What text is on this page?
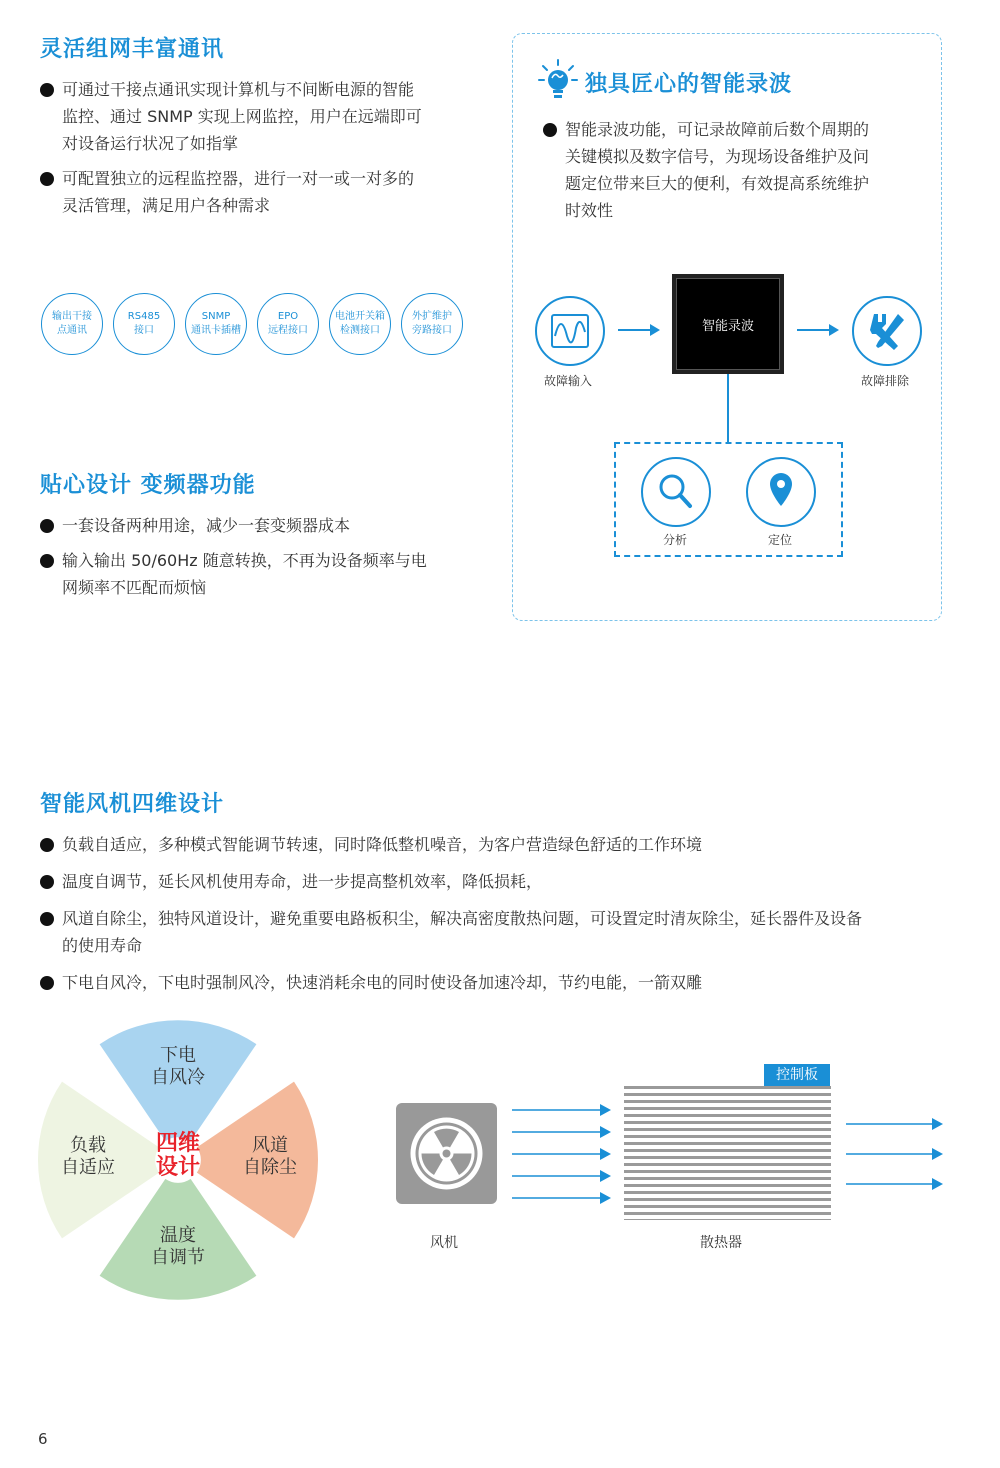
灵活组网丰富通讯
可通过干接点通讯实现计算机与不间断电源的智能
监控、通过 SNMP 实现上网监控，用户在远端即可
对设备运行状况了如指掌
可配置独立的远程监控器，进行一对一或一对多的
灵活管理，满足用户各种需求
输出干接
点通讯
RS485
接口
SNMP
通讯卡插槽
EPO
远程接口
电池开关箱
检测接口
外扩维护
旁路接口
贴心设计 变频器功能
一套设备两种用途，减少一套变频器成本
输入输出 50/60Hz 随意转换，不再为设备频率与电
网频率不匹配而烦恼
独具匠心的智能录波
智能录波功能，可记录故障前后数个周期的
关键模拟及数字信号，为现场设备维护及问
题定位带来巨大的便利，有效提高系统维护
时效性
故障输入
智能录波
故障排除
分析	定位
智能风机四维设计
负载自适应，多种模式智能调节转速，同时降低整机噪音，为客户营造绿色舒适的工作环境
温度自调节，延长风机使用寿命，进一步提高整机效率，降低损耗，
风道自除尘，独特风道设计，避免重要电路板积尘，解决高密度散热问题，可设置定时清灰除尘，延长器件及设备
的使用寿命
下电自风冷，下电时强制风冷，快速消耗余电的同时使设备加速冷却，节约电能，一箭双雕
下电
自风冷
风道
自除尘
温度
自调节
负载
自适应
四维
设计
风机
控制板
散热器
6
